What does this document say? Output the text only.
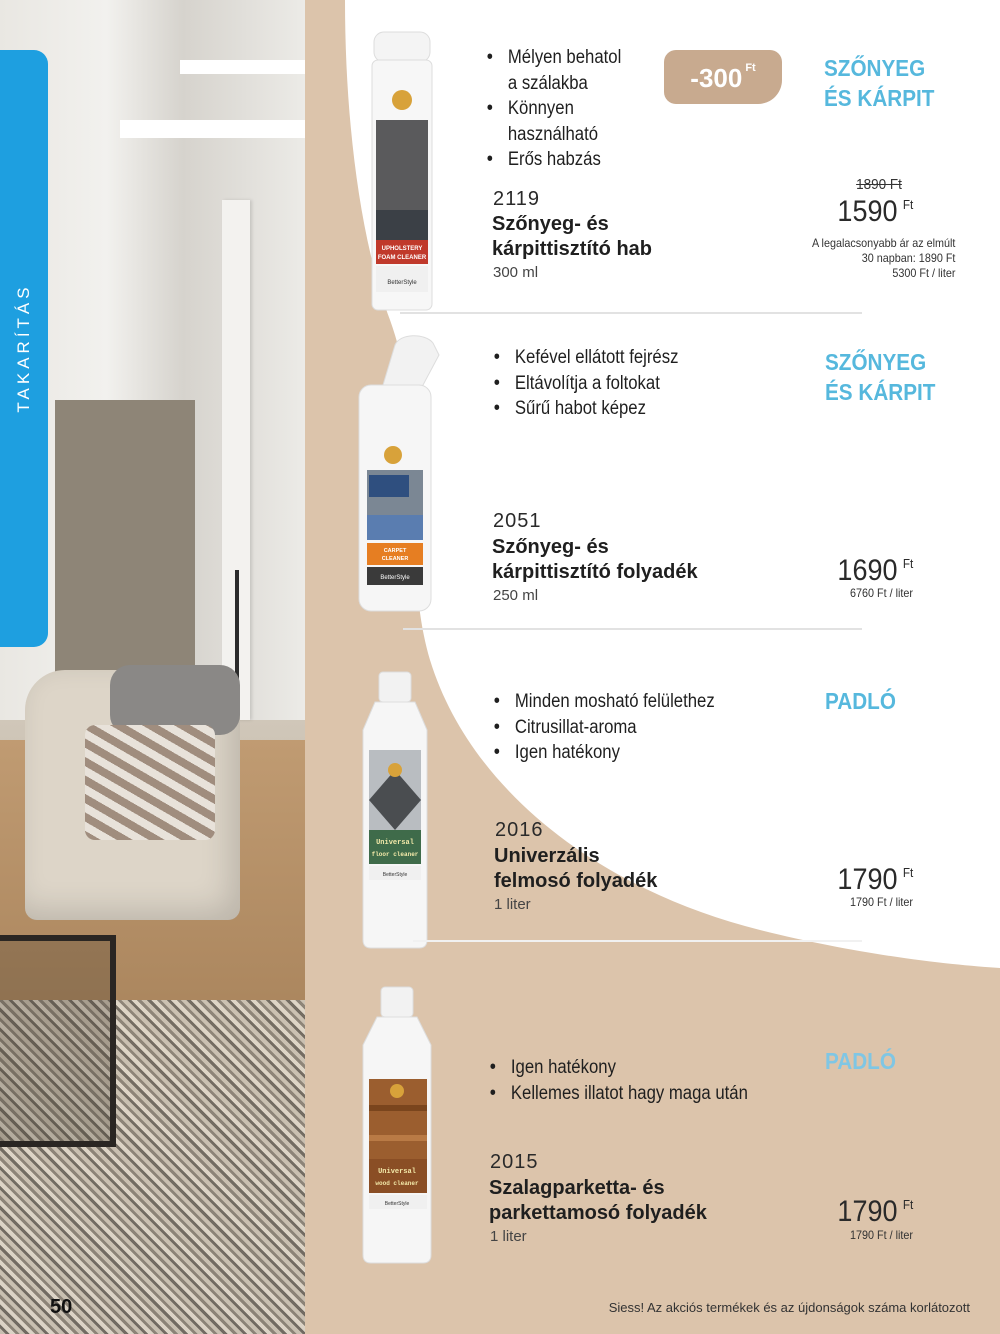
TAKARÍTÁS
UPHOLSTERY
FOAM CLEANER
BetterStyle
• Mélyen behatol
a szálakba
• Könnyen
használható
• Erős habzás
-300 $^{Ft}$	SZŐNYEG
ÉS KÁRPIT
2119
Szőnyeg- és
kárpittisztító hab
300 ml
1890 Ft
1590 $^{Ft}$
A legalacsonyabb ár az elmúlt
30 napban: 1890 Ft
5300 Ft / liter
CARPET
CLEANER
BetterStyle
• Kefével ellátott fejrész
• Eltávolítja a foltokat
• Sűrű habot képez
SZŐNYEG
ÉS KÁRPIT
2051
Szőnyeg- és
kárpittisztító folyadék
250 ml
1690 $^{Ft}$
6760 Ft / liter
Universal
floor cleaner
BetterStyle
• Minden mosható felülethez
• Citrusillat-aroma
• Igen hatékony
PADLÓ
2016
Univerzális
felmosó folyadék
1 liter
1790 $^{Ft}$
1790 Ft / liter
Universal
wood cleaner
BetterStyle
• Igen hatékony
• Kellemes illatot hagy maga után
PADLÓ
2015
Szalagparketta- és
parkettamosó folyadék
1 liter
1790 $^{Ft}$
1790 Ft / liter
50	Siess! Az akciós termékek és az újdonságok száma korlátozott
